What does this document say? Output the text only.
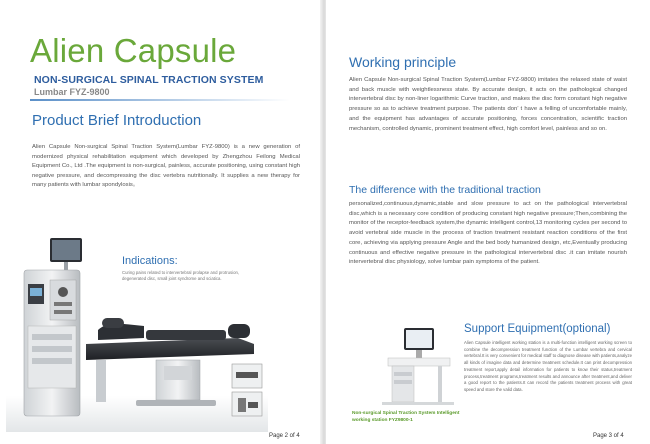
Alien Capsule
NON-SURGICAL SPINAL TRACTION SYSTEM
Lumbar FYZ-9800
Product Brief Introduction
Alien Capsule Non-surgical Spinal Traction System(Lumbar FYZ-9800) is a new generation of modernized physical rehabilitation equipment which developed by Zhengzhou Feilong Medical Equipment Co., Ltd .The equipment is non-surgical, painless, accurate positioning, using constant high negative pressure, and decompressing the disc vertebra nutritionally. It supplies a new therapy for many patients with lumbar spondylosis。
Indications:
Curing pains related to intervertebral prolapse and protrusion, degenerated disc, small joint syndrome and sciatica.
Page 2 of 4
Working principle
Alien Capsule Non-surgical Spinal Traction System(Lumbar FYZ-9800) imitates the relaxed state of waist and back muscle with weightlessness state. By accurate design, it acts on the pathological changed intervertebral disc by non-liner logarithmic Curve traction, and makes the disc form constant high negative pressure so as to achieve treatment purpose. The patients don’ t have a felling of uncomfortable mainly, and the equipment has advantages of accurate positioning, forces concentration, scientific traction mechanism, controlled dynamic, prominent treatment effect, high comfort level, painless and so on.
The difference with the traditional traction
personalized,continuous,dynamic,stable and slow pressure to act on the pathological intervertebral disc,which is a necessary core condition of producing constant high negative pressure;Then,combining the monitor of the receptor-feedback system,the dynamic intelligent control,13 monitoring cycles per second to avoid vertebral side muscle in the process of traction treatment resistant reaction conditions of the first core, achieving via applying pressure Angle and the bed body humanized design, etc,Eventually producing continuous and effective negative pressure in the pathological intervertebral disc .it can imitate nourish intervertebral disc physiology, solve lumbar pain symptoms of the patient.
Support Equipment(optional)
Alien Capsule intelligent working station is a multi-function intelligent working screen to combine the decompression treatment function of the Lumbar vertebra and cervical vertebral.It is very convenient for medical staff to diagnose disease with patients,analyze all kinds of imagine data and determine treatment schedule.It can print decompression treatment report,apply detail information for patients to know their status,treatment process,treatment programs,treatment results and announce after treatment,and deliver a good report to the patients.It can record the patients treatment process with great speed and store the valid data.
Non-surgical Spinal Traction System Intelligent working station FYZ9800-1
Page 3 of 4
